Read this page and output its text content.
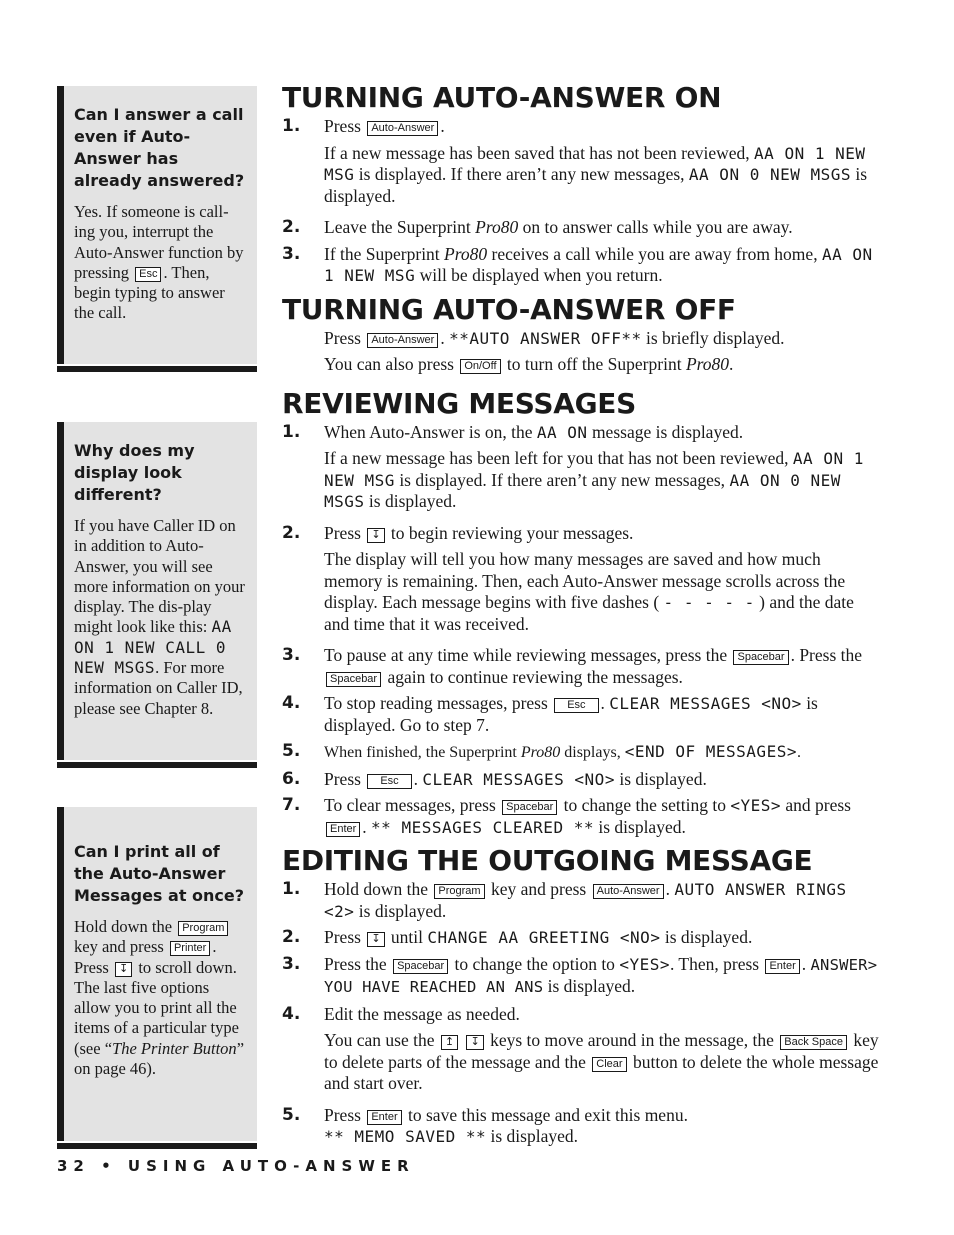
Can I answer a call even if Auto-Answer has already answered?
Yes. If someone is call-ing you, interrupt the Auto-Answer function by pressing Esc . Then, begin typing to answer the call.
Why does my display look different?
If you have Caller ID on in addition to Auto-Answer, you will see more information on your display. The dis-play might look like this: AA ON 1 NEW CALL 0 NEW MSGS. For more information on Caller ID, please see Chapter 8.
Can I print all of the Auto-Answer Messages at once?
Hold down the Program key and press Printer . Press ↧ to scroll down. The last five options allow you to print all the items of a particular type (see “The Printer Button” on page 46).
TURNING AUTO-ANSWER ON
1.	Press Auto-Answer .

If a new message has been saved that has not been reviewed, AA ON 1 NEW MSG is displayed. If there aren’t any new messages, AA ON 0 NEW MSGS is displayed.

2.	Leave the Superprint Pro80 on to answer calls while you are away.
3.	If the Superprint Pro80 receives a call while you are away from home, AA ON 1 NEW MSG will be displayed when you return.
TURNING AUTO-ANSWER OFF

Press Auto-Answer . **AUTO ANSWER OFF** is briefly displayed.

You can also press On/Off to turn off the Superprint Pro80.

REVIEWING MESSAGES
1.	When Auto-Answer is on, the AA ON message is displayed.

If a new message has been left for you that has not been reviewed, AA ON 1 NEW MSG is displayed. If there aren’t any new messages, AA ON 0 NEW MSGS is displayed.

2.	Press ↧ to begin reviewing your messages.

The display will tell you how many messages are saved and how much memory is remaining. Then, each Auto-Answer message scrolls across the display. Each message begins with five dashes ( - - - - - ) and the date and time that it was received.

3.	To pause at any time while reviewing messages, press the Spacebar . Press the Spacebar again to continue reviewing the messages.
4.	To stop reading messages, press Esc . CLEAR MESSAGES <NO> is displayed. Go to step 7.
5.	When finished, the Superprint Pro80 displays, <END OF MESSAGES>.
6.	Press Esc . CLEAR MESSAGES <NO> is displayed.
7.	To clear messages, press Spacebar to change the setting to <YES> and press Enter . ** MESSAGES CLEARED ** is displayed.
EDITING THE OUTGOING MESSAGE
1.	Hold down the Program key and press Auto-Answer . AUTO ANSWER RINGS <2> is displayed.
2.	Press ↧ until CHANGE AA GREETING <NO> is displayed.
3.	Press the Spacebar to change the option to <YES>. Then, press Enter . ANSWER> YOU HAVE REACHED AN ANS is displayed.
4.	Edit the message as needed.

You can use the ↥ ↧ keys to move around in the message, the Back Space key to delete parts of the message and the Clear button to delete the whole message and start over.

5.	Press Enter to save this message and exit this menu.
** MEMO SAVED ** is displayed.
32 • USING AUTO-ANSWER
